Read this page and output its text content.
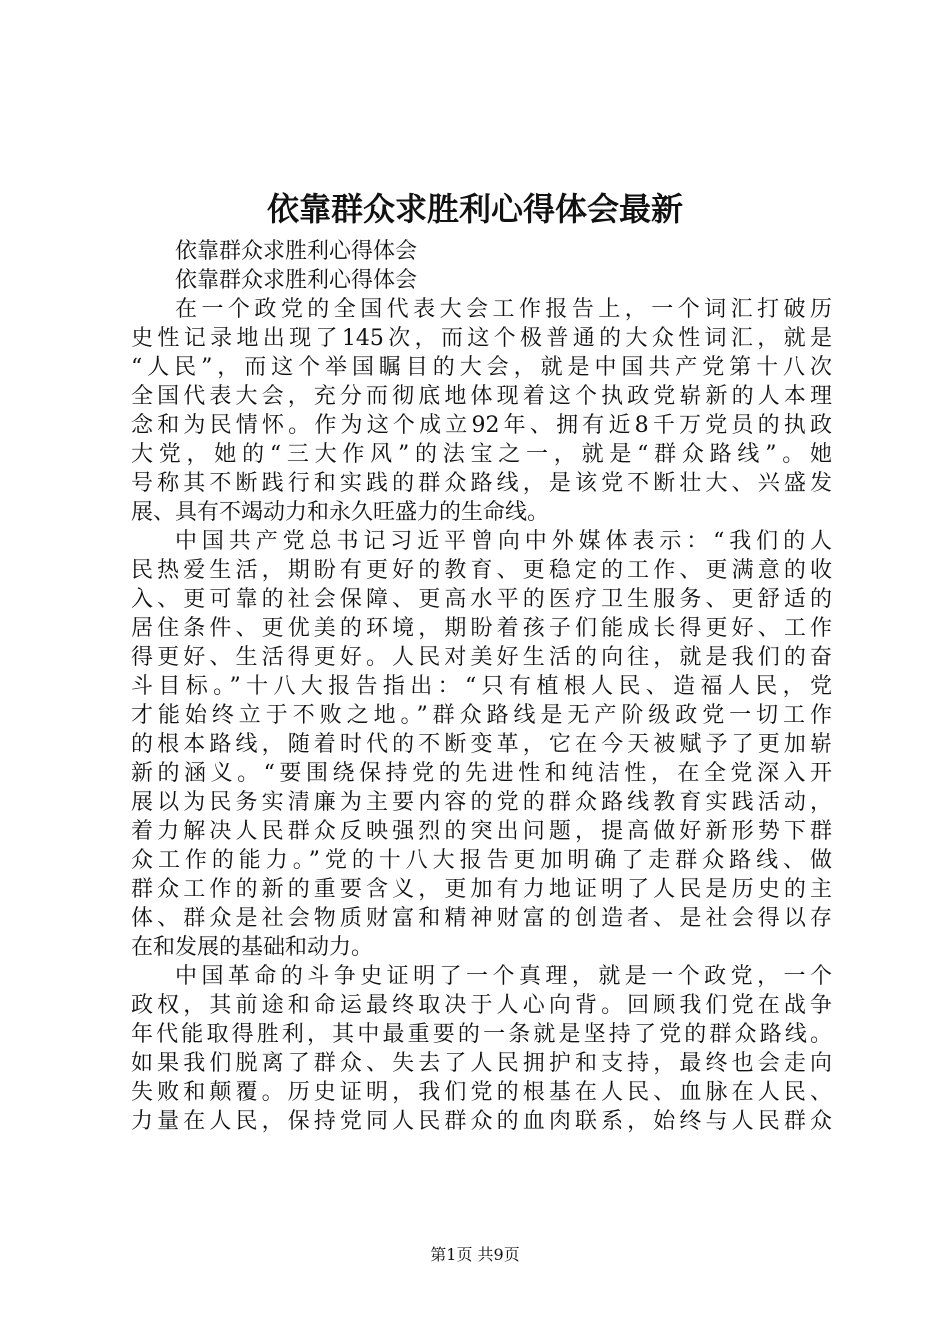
依靠群众求胜利心得体会最新

依靠群众求胜利心得体会

依靠群众求胜利心得体会

在一个政党的全国代表大会工作报告上，一个词汇打破历
史性记录地出现了145次，而这个极普通的大众性词汇，就是
“人民”，而这个举国瞩目的大会，就是中国共产党第十八次
全国代表大会，充分而彻底地体现着这个执政党崭新的人本理
念和为民情怀。作为这个成立92年、拥有近8千万党员的执政
大党，她的“三大作风”的法宝之一，就是“群众路线”。她
号称其不断践行和实践的群众路线，是该党不断壮大、兴盛发
展、具有不竭动力和永久旺盛力的生命线。
中国共产党总书记习近平曾向中外媒体表示：“我们的人
民热爱生活，期盼有更好的教育、更稳定的工作、更满意的收
入、更可靠的社会保障、更高水平的医疗卫生服务、更舒适的
居住条件、更优美的环境，期盼着孩子们能成长得更好、工作
得更好、生活得更好。人民对美好生活的向往，就是我们的奋
斗目标。”十八大报告指出：“只有植根人民、造福人民，党
才能始终立于不败之地。”群众路线是无产阶级政党一切工作
的根本路线，随着时代的不断变革，它在今天被赋予了更加崭
新的涵义。“要围绕保持党的先进性和纯洁性，在全党深入开
展以为民务实清廉为主要内容的党的群众路线教育实践活动，
着力解决人民群众反映强烈的突出问题，提高做好新形势下群
众工作的能力。”党的十八大报告更加明确了走群众路线、做
群众工作的新的重要含义，更加有力地证明了人民是历史的主
体、群众是社会物质财富和精神财富的创造者、是社会得以存
在和发展的基础和动力。
中国革命的斗争史证明了一个真理，就是一个政党，一个
政权，其前途和命运最终取决于人心向背。回顾我们党在战争
年代能取得胜利，其中最重要的一条就是坚持了党的群众路线。
如果我们脱离了群众、失去了人民拥护和支持，最终也会走向
失败和颠覆。历史证明，我们党的根基在人民、血脉在人民、
力量在人民，保持党同人民群众的血肉联系，始终与人民群众
第1页 共9页
